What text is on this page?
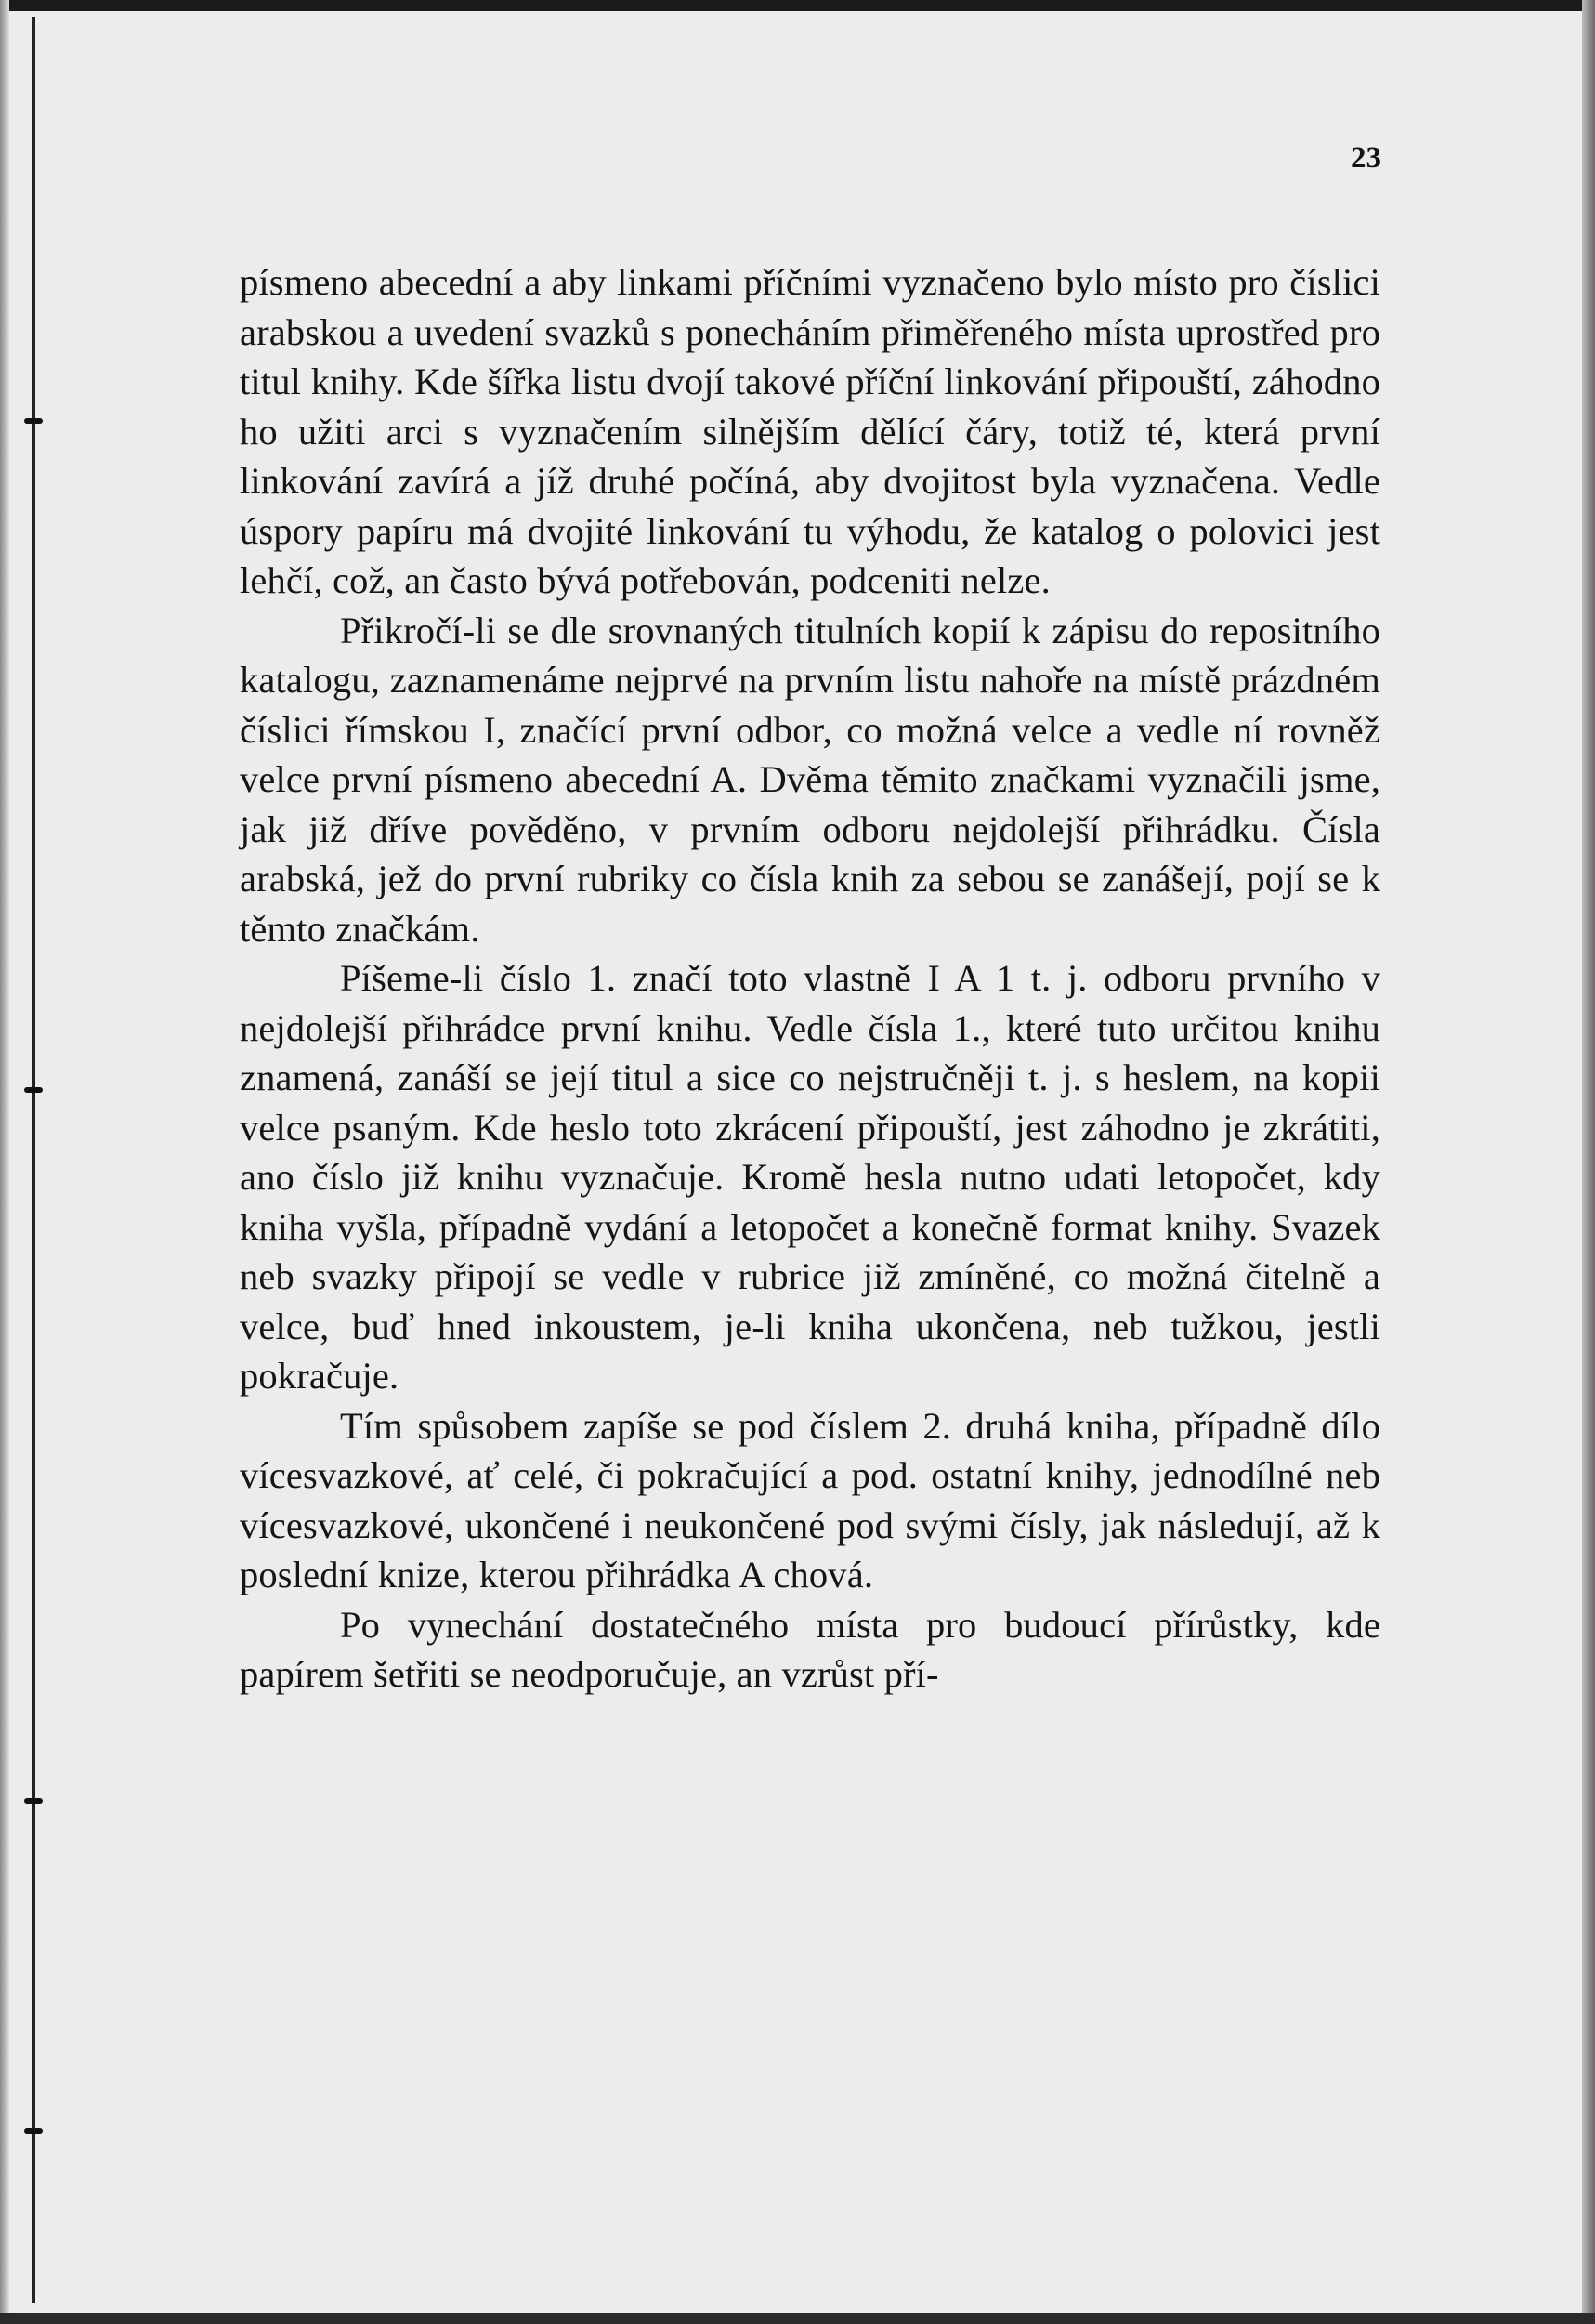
23

písmeno abecední a aby linkami příčními vyznačeno bylo místo pro číslici arabskou a uvedení svazků s ponecháním přiměřeného místa uprostřed pro titul knihy. Kde šířka listu dvojí takové příční linkování připouští, záhodno ho užiti arci s vyznačením silnějším dělící čáry, totiž té, která první linkování zavírá a jíž druhé počíná, aby dvojitost byla vyznačena. Vedle úspory papíru má dvojité linkování tu výhodu, že katalog o polovici jest lehčí, což, an často bývá potřebován, podceniti nelze.

Přikročí-li se dle srovnaných titulních kopií k zápisu do repositního katalogu, zaznamenáme nejprvé na prvním listu nahoře na místě prázdném číslici římskou I, značící první odbor, co možná velce a vedle ní rovněž velce první písmeno abecední A. Dvěma těmito značkami vyznačili jsme, jak již dříve pověděno, v prvním odboru nejdolejší přihrádku. Čísla arabská, jež do první rubriky co čísla knih za sebou se zanášejí, pojí se k těmto značkám.

Píšeme-li číslo 1. značí toto vlastně I A 1 t. j. odboru prvního v nejdolejší přihrádce první knihu. Vedle čísla 1., které tuto určitou knihu znamená, zanáší se její titul a sice co nejstručněji t. j. s heslem, na kopii velce psaným. Kde heslo toto zkrácení připouští, jest záhodno je zkrátiti, ano číslo již knihu vyznačuje. Kromě hesla nutno udati letopočet, kdy kniha vyšla, případně vydání a letopočet a konečně format knihy. Svazek neb svazky připojí se vedle v rubrice již zmíněné, co možná čitelně a velce, buď hned inkoustem, je-li kniha ukončena, neb tužkou, jestli pokračuje.

Tím spůsobem zapíše se pod číslem 2. druhá kniha, případně dílo vícesvazkové, ať celé, či pokračující a pod. ostatní knihy, jednodílné neb vícesvazkové, ukončené i neukončené pod svými čísly, jak následují, až k poslední knize, kterou přihrádka A chová.

Po vynechání dostatečného místa pro budoucí přírůstky, kde papírem šetřiti se neodporučuje, an vzrůst pří-
